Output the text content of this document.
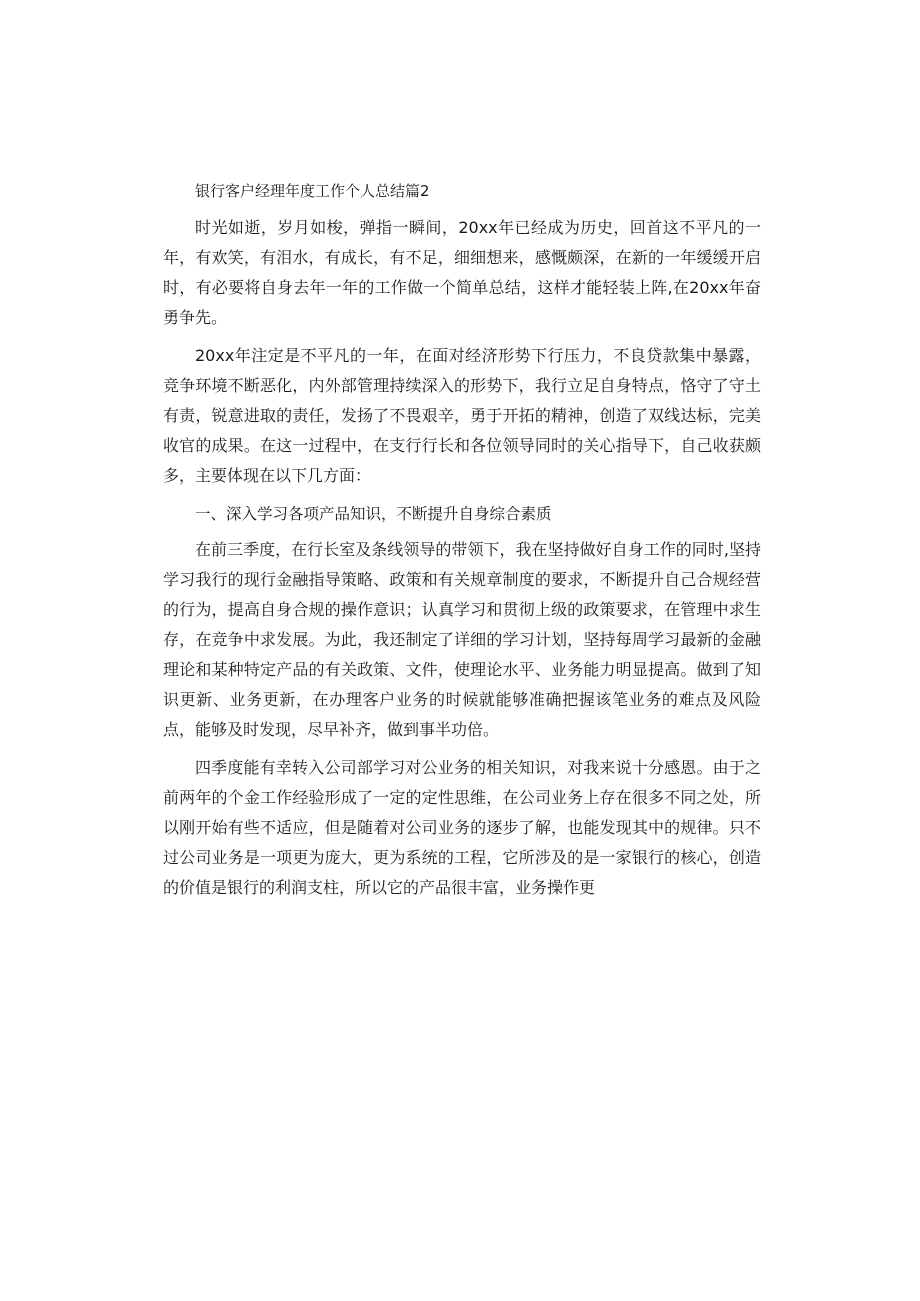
银行客户经理年度工作个人总结篇2

时光如逝，岁月如梭，弹指一瞬间，20xx年已经成为历史，回首这不平凡的一年，有欢笑，有泪水，有成长，有不足，细细想来，感慨颇深，在新的一年缓缓开启时，有必要将自身去年一年的工作做一个简单总结，这样才能轻装上阵,在20xx年奋勇争先。

20xx年注定是不平凡的一年，在面对经济形势下行压力，不良贷款集中暴露，竞争环境不断恶化，内外部管理持续深入的形势下，我行立足自身特点，恪守了守土有责，锐意进取的责任，发扬了不畏艰辛，勇于开拓的精神，创造了双线达标，完美收官的成果。在这一过程中，在支行行长和各位领导同时的关心指导下，自己收获颇多，主要体现在以下几方面：

一、深入学习各项产品知识，不断提升自身综合素质

在前三季度，在行长室及条线领导的带领下，我在坚持做好自身工作的同时,坚持学习我行的现行金融指导策略、政策和有关规章制度的要求，不断提升自己合规经营的行为，提高自身合规的操作意识；认真学习和贯彻上级的政策要求，在管理中求生存，在竞争中求发展。为此，我还制定了详细的学习计划，坚持每周学习最新的金融理论和某种特定产品的有关政策、文件，使理论水平、业务能力明显提高。做到了知识更新、业务更新，在办理客户业务的时候就能够准确把握该笔业务的难点及风险点，能够及时发现，尽早补齐，做到事半功倍。

四季度能有幸转入公司部学习对公业务的相关知识，对我来说十分感恩。由于之前两年的个金工作经验形成了一定的定性思维，在公司业务上存在很多不同之处，所以刚开始有些不适应，但是随着对公司业务的逐步了解，也能发现其中的规律。只不过公司业务是一项更为庞大，更为系统的工程，它所涉及的是一家银行的核心，创造的价值是银行的利润支柱，所以它的产品很丰富，业务操作更
